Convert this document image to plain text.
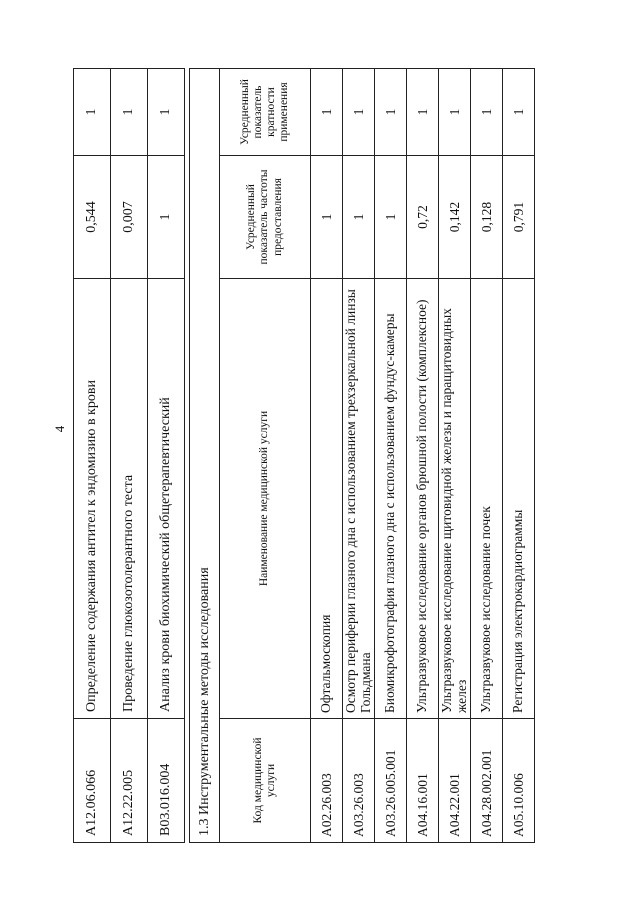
4
A12.06.066	Определение содержания антител к эндомизию в крови	0,544	1
A12.22.005	Проведение глюкозотолерантного теста	0,007	1
B03.016.004	Анализ крови биохимический общетерапевтический	1	1
1.3 Инструментальные методы исследования			
Код медицинской услуги	Наименование медицинской услуги	Усредненный показатель частоты предоставления	Усредненный показатель кратности применения
A02.26.003	Офтальмоскопия	1	1
A03.26.003	Осмотр периферии глазного дна с использованием трехзеркальной линзы Гольдмана	1	1
A03.26.005.001	Биомикрофотография глазного дна с использованием фундус-камеры	1	1
A04.16.001	Ультразвуковое исследование органов брюшной полости (комплексное)	0,72	1
A04.22.001	Ультразвуковое исследование щитовидной железы и паращитовидных желез	0,142	1
A04.28.002.001	Ультразвуковое исследование почек	0,128	1
A05.10.006	Регистрация электрокардиограммы	0,791	1
